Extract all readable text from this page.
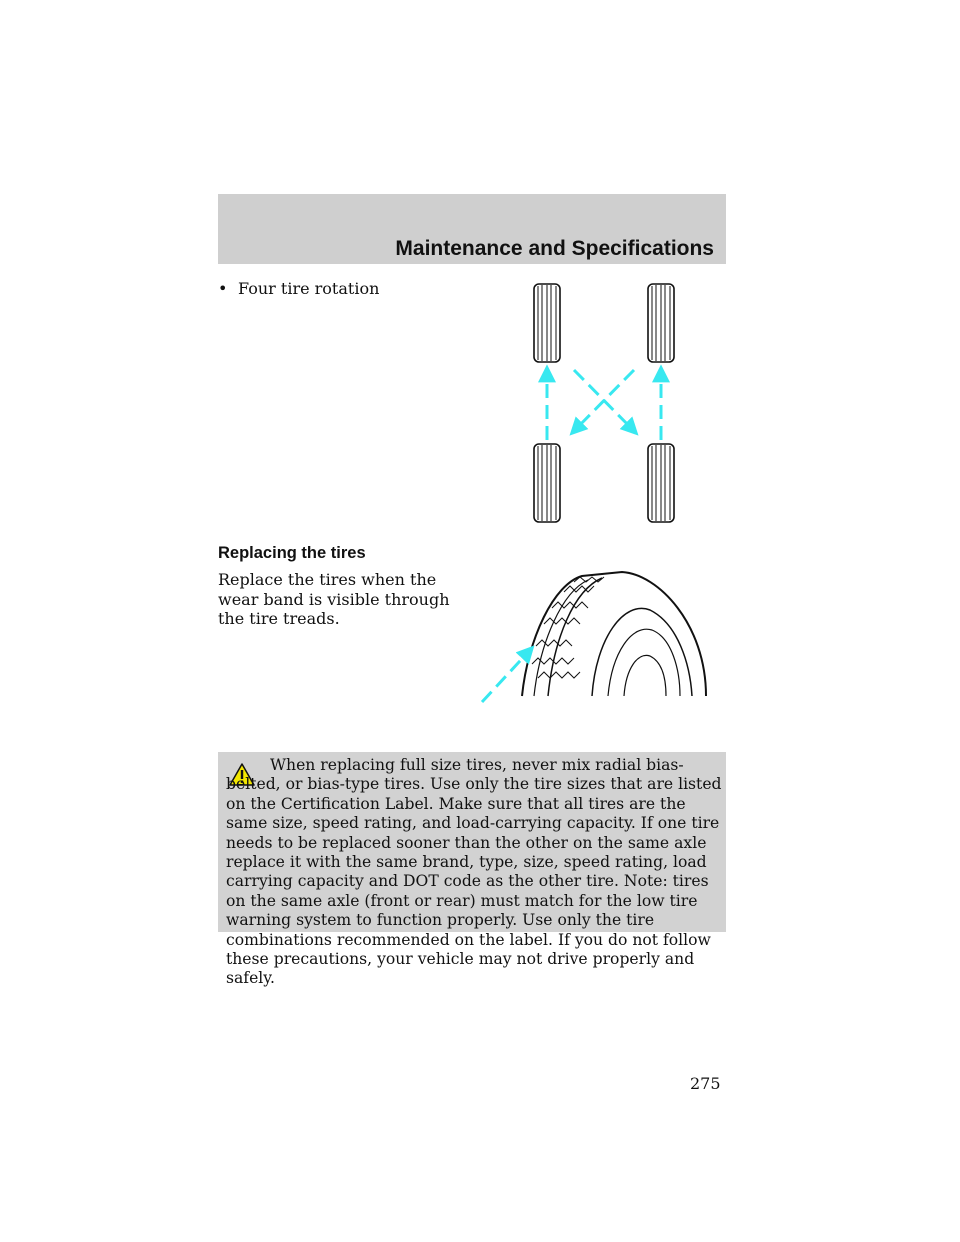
Maintenance and Specifications
• Four tire rotation
Replacing the tires
Replace the tires when the wear band is visible through the tire treads.

When replacing full size tires, never mix radial bias-belted, or bias-type tires. Use only the tire sizes that are listed on the Certification Label. Make sure that all tires are the same size, speed rating, and load-carrying capacity. If one tire needs to be replaced sooner than the other on the same axle replace it with the same brand, type, size, speed rating, load carrying capacity and DOT code as the other tire. Note: tires on the same axle (front or rear) must match for the low tire warning system to function properly. Use only the tire combinations recommended on the label. If you do not follow these precautions, your vehicle may not drive properly and safely.

275
